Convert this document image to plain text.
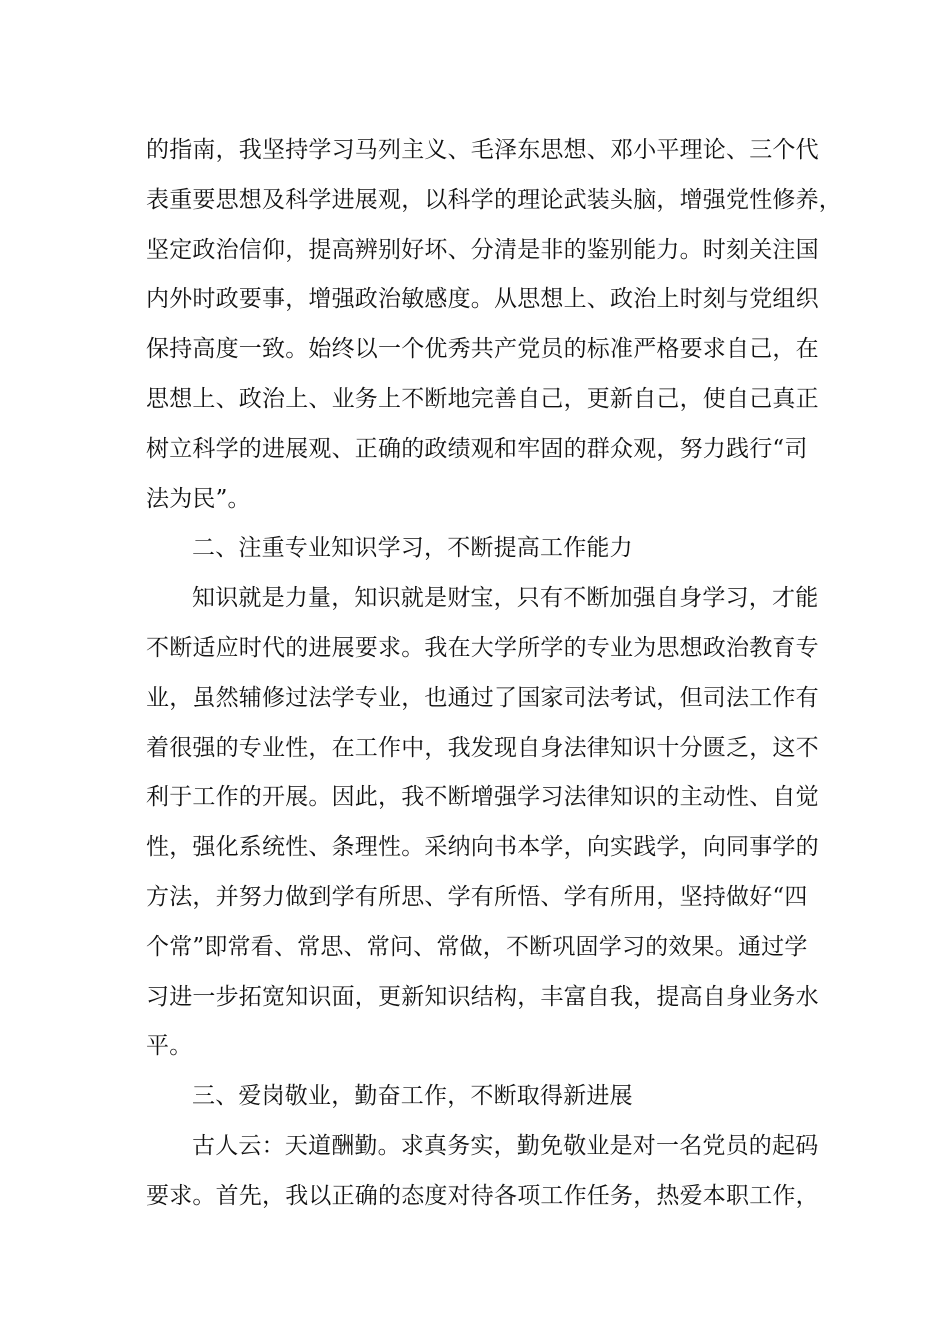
的指南，我坚持学习马列主义、毛泽东思想、邓小平理论、三个代
表重要思想及科学进展观，以科学的理论武装头脑，增强党性修养，
坚定政治信仰，提高辨别好坏、分清是非的鉴别能力。时刻关注国
内外时政要事，增强政治敏感度。从思想上、政治上时刻与党组织
保持高度一致。始终以一个优秀共产党员的标准严格要求自己，在
思想上、政治上、业务上不断地完善自己，更新自己，使自己真正
树立科学的进展观、正确的政绩观和牢固的群众观，努力践行“司
法为民”。
二、注重专业知识学习，不断提高工作能力
知识就是力量，知识就是财宝，只有不断加强自身学习，才能
不断适应时代的进展要求。我在大学所学的专业为思想政治教育专
业，虽然辅修过法学专业，也通过了国家司法考试，但司法工作有
着很强的专业性，在工作中，我发现自身法律知识十分匮乏，这不
利于工作的开展。因此，我不断增强学习法律知识的主动性、自觉
性，强化系统性、条理性。采纳向书本学，向实践学，向同事学的
方法，并努力做到学有所思、学有所悟、学有所用，坚持做好“四
个常”即常看、常思、常问、常做，不断巩固学习的效果。通过学
习进一步拓宽知识面，更新知识结构，丰富自我，提高自身业务水
平。
三、爱岗敬业，勤奋工作，不断取得新进展
古人云：天道酬勤。求真务实，勤免敬业是对一名党员的起码
要求。首先，我以正确的态度对待各项工作任务，热爱本职工作，
